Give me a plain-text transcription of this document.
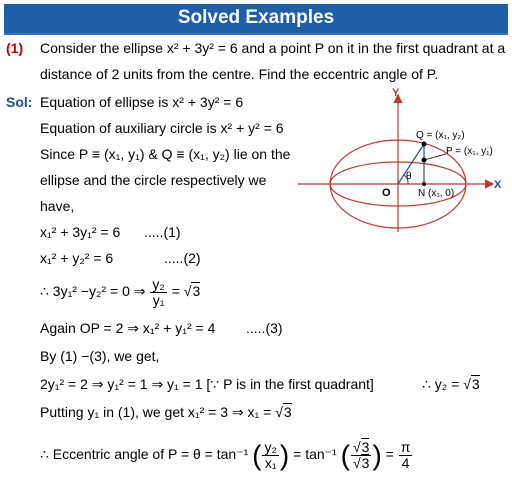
Solved Examples
(1) Consider the ellipse x² + 3y² = 6 and a point P on it in the first quadrant at a
distance of 2 units from the centre. Find the eccentric angle of P.
Sol: Equation of ellipse is x² + 3y² = 6
Equation of auxiliary circle is x² + y² = 6
Since P ≡ (x₁, y₁) & Q ≡ (x₁, y₂) lie on the
ellipse and the circle respectively we
have,
x₁² + 3y₁² = 6 .....(1)
x₁² + y₂² = 6	.....(2)
∴ 3y₁² −y₂² = 0 ⇒ $\frac{\text{y₂}}{\text{y₁}} = √3$
Again OP = 2 ⇒ x₁² + y₁² = 4 .....(3)
By (1) −(3), we get,
2y₁² = 2 ⇒ y₁² = 1 ⇒ y₁ = 1 [∵ P is in the first quadrant]	∴ y₂ = √3
Putting y₁ in (1), we get x₁² = 3 ⇒ x₁ = √3
∴ Eccentric angle of P = θ = tan⁻¹ ( $\frac{\text{y₂}}{\text{x₁}}$ ) = tan⁻¹ ( $\frac{√3}{√3}$ ) = $\frac{\pi}{4}$
Y
X
O
θ
Q = (x₁, y₂)
P = (x₁, y₁)
N (x₁, 0)
